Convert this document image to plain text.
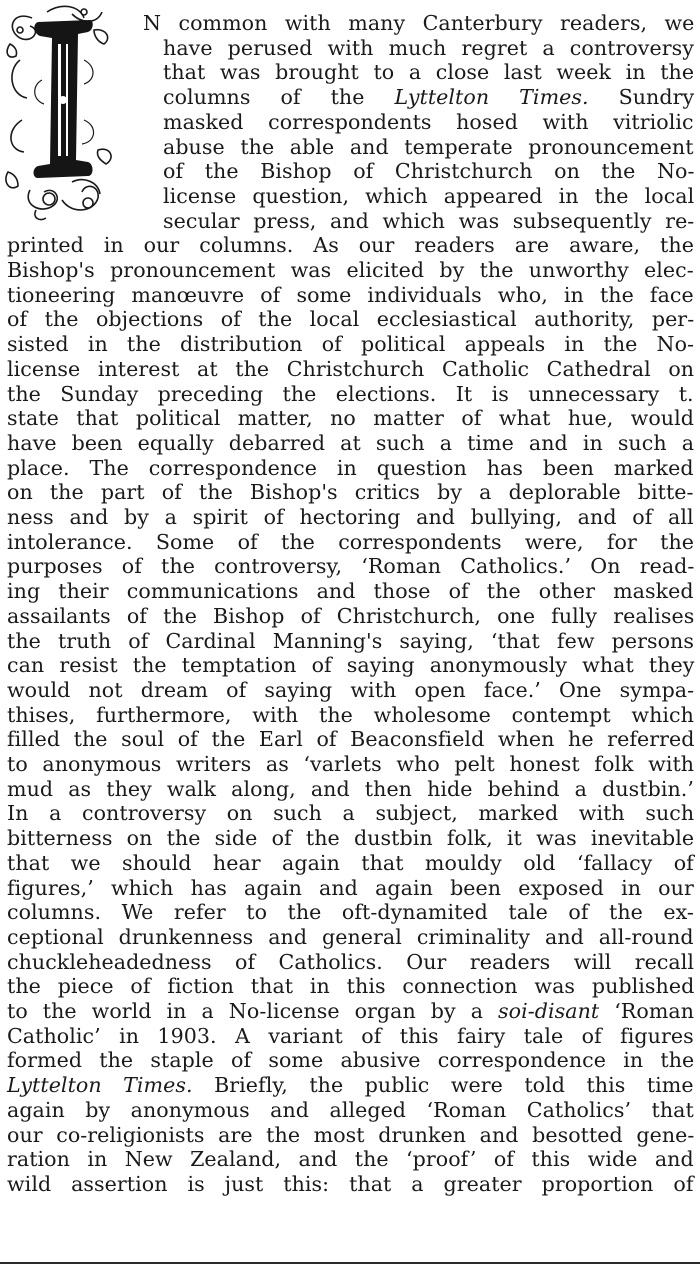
N common with many Canterbury readers, we
have perused with much regret a controversy
that was brought to a close last week in the
columns of the Lyttelton Times. Sundry
masked correspondents hosed with vitriolic
abuse the able and temperate pronouncement
of the Bishop of Christchurch on the No-
license question, which appeared in the local
secular press, and which was subsequently re-
printed in our columns. As our readers are aware, the
Bishop's pronouncement was elicited by the unworthy elec-
tioneering manœuvre of some individuals who, in the face
of the objections of the local ecclesiastical authority, per-
sisted in the distribution of political appeals in the No-
license interest at the Christchurch Catholic Cathedral on
the Sunday preceding the elections. It is unnecessary t.
state that political matter, no matter of what hue, would
have been equally debarred at such a time and in such a
place. The correspondence in question has been marked
on the part of the Bishop's critics by a deplorable bitte-
ness and by a spirit of hectoring and bullying, and of all
intolerance. Some of the correspondents were, for the
purposes of the controversy, ‘Roman Catholics.’ On read-
ing their communications and those of the other masked
assailants of the Bishop of Christchurch, one fully realises
the truth of Cardinal Manning's saying, ‘that few persons
can resist the temptation of saying anonymously what they
would not dream of saying with open face.’ One sympa-
thises, furthermore, with the wholesome contempt which
filled the soul of the Earl of Beaconsfield when he referred
to anonymous writers as ‘varlets who pelt honest folk with
mud as they walk along, and then hide behind a dustbin.’
In a controversy on such a subject, marked with such
bitterness on the side of the dustbin folk, it was inevitable
that we should hear again that mouldy old ‘fallacy of
figures,’ which has again and again been exposed in our
columns. We refer to the oft-dynamited tale of the ex-
ceptional drunkenness and general criminality and all-round
chuckleheadedness of Catholics. Our readers will recall
the piece of fiction that in this connection was published
to the world in a No-license organ by a soi-disant ‘Roman
Catholic’ in 1903. A variant of this fairy tale of figures
formed the staple of some abusive correspondence in the
Lyttelton Times. Briefly, the public were told this time
again by anonymous and alleged ‘Roman Catholics’ that
our co-religionists are the most drunken and besotted gene-
ration in New Zealand, and the ‘proof’ of this wide and
wild assertion is just this: that a greater proportion of
